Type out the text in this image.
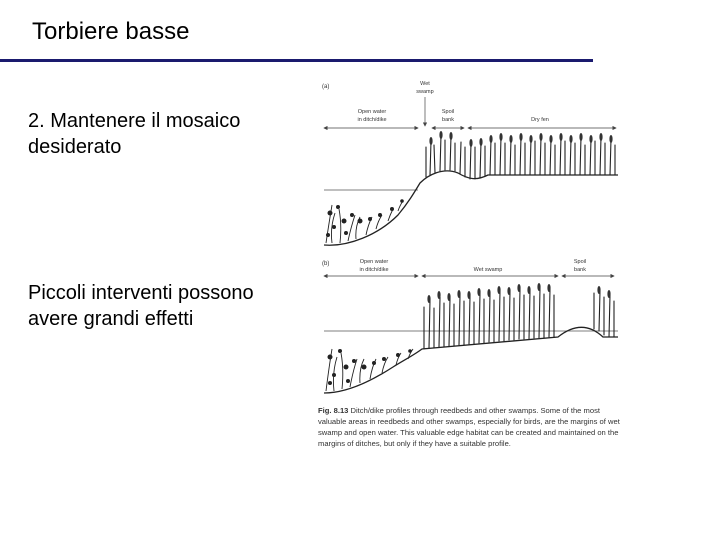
Torbiere basse
2. Mantenere il mosaico desiderato
Piccoli interventi possono avere grandi effetti
(a)
Open water
in ditch/dike
Wet
swamp
Spoil
bank	Dry fen
(b)	Open water
in ditch/dike	Wet swamp
Spoil
bank
Fig. 8.13 Ditch/dike profiles through reedbeds and other swamps. Some of the most valuable areas in reedbeds and other swamps, especially for birds, are the margins of wet swamp and open water. This valuable edge habitat can be created and maintained on the margins of ditches, but only if they have a suitable profile.
